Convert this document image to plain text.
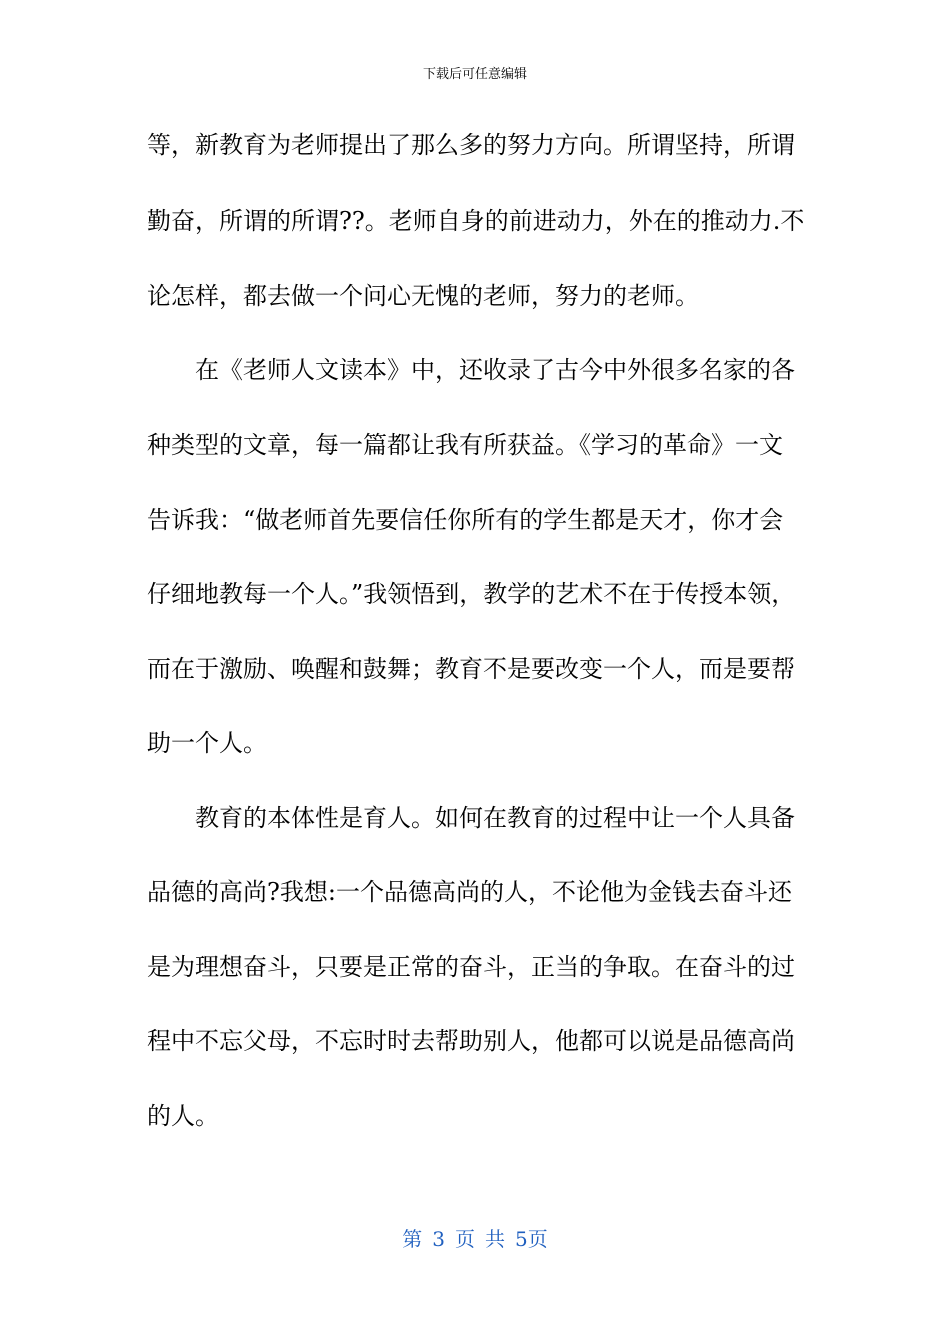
下载后可任意编辑
等，新教育为老师提出了那么多的努力方向。所谓坚持，所谓
勤奋，所谓的所谓??。老师自身的前进动力，外在的推动力.不
论怎样，都去做一个问心无愧的老师，努力的老师。
在《老师人文读本》中，还收录了古今中外很多名家的各
种类型的文章，每一篇都让我有所获益。《学习的革命》一文
告诉我：“做老师首先要信任你所有的学生都是天才，你才会
仔细地教每一个人。”我领悟到，教学的艺术不在于传授本领，
而在于激励、唤醒和鼓舞；教育不是要改变一个人，而是要帮
助一个人。
教育的本体性是育人。如何在教育的过程中让一个人具备
品德的高尚?我想:一个品德高尚的人，不论他为金钱去奋斗还
是为理想奋斗，只要是正常的奋斗，正当的争取。在奋斗的过
程中不忘父母，不忘时时去帮助别人，他都可以说是品德高尚
的人。
第 3 页 共 5页
